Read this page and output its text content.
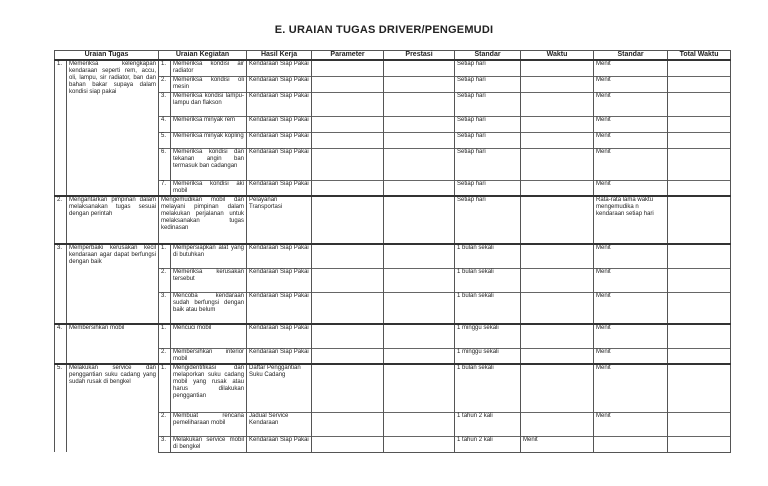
E. URAIAN TUGAS DRIVER/PENGEMUDI
Uraian Tugas		Uraian Kegiatan		Hasil Kerja	Parameter	Prestasi	Standar	Waktu	Standar	Total Waktu
1.	Memeriksa kelengkapan kendaraan seperti rem, accu, oli, lampu, sir radiator, ban dan bahan bakar supaya dalam kondisi siap pakai	1.	Memeriksa kondisi air radiator	Kendaraan Siap Pakai			Setiap hari		Menit	
		2.	Memeriksa kondisi oli mesin	Kendaraan Siap Pakai			Setiap hari		Menit	
		3.	Memeriksa kondisi lampu-lampu dan flakson	Kendaraan Siap Pakai			Setiap hari		Menit	
		4.	Memeriksa minyak rem	Kendaraan Siap Pakai			Setiap hari		Menit	
		5.	Memeriksa minyak kopling	Kendaraan Siap Pakai			Setiap hari		Menit	
		6.	Memeriksa kondisi dan tekanan angin ban termasuk ban cadangan	Kendaraan Siap Pakai			Setiap hari		Menit	
		7.	Memeriksa kondisi aki mobil	Kendaraan Siap Pakai			Setiap hari		Menit	
2.	Mengantarkan pimpinan dalam melaksanakan tugas sesuai dengan perintah	Mengemudikan mobil dan melayani pimpinan dalam melakukan perjalanan untuk melaksanakan tugas kedinasan		Pelayanan Transportasi			Setiap hari		Rata-rata lama waktu mengemudika n kendaraan setiap hari	
3.	Memperbaiki kerusakan kecil kendaraan agar dapat berfungsi dengan baik	1.	Mempersiapkan alat yang di butuhkan	Kendaraan Siap Pakai			1 bulan sekali		Menit	
		2.	Memeriksa kerusakan tersebut	Kendaraan Siap Pakai			1 bulan sekali		Menit	
		3.	Mencoba kendaraan sudah berfungsi dengan baik atau belum	Kendaraan Siap Pakai			1 bulan sekali		Menit	
4.	Membersihkan mobil	1.	Mencuci mobil	Kendaraan Siap Pakai			1 minggu sekali		Menit	
		2.	Membersihkan interior mobil	Kendaraan Siap Pakai			1 minggu sekali		Menit	
5.	Melakukan service dan penggantian suku cadang yang sudah rusak di bengkel	1.	Mengidentifikasi dan melaporkan suku cadang mobil yang rusak atau harus dilakukan penggantian	Daftar Penggantian Suku Cadang			1 bulan sekali		Menit	
		2.	Membuat rencana pemeliharaan mobil	Jadual Service Kendaraan			1 tahun 2 kali		Menit	
		3.	Melakukan service mobil di bengkel	Kendaraan Siap Pakai			1 tahun 2 kali	Menit		
